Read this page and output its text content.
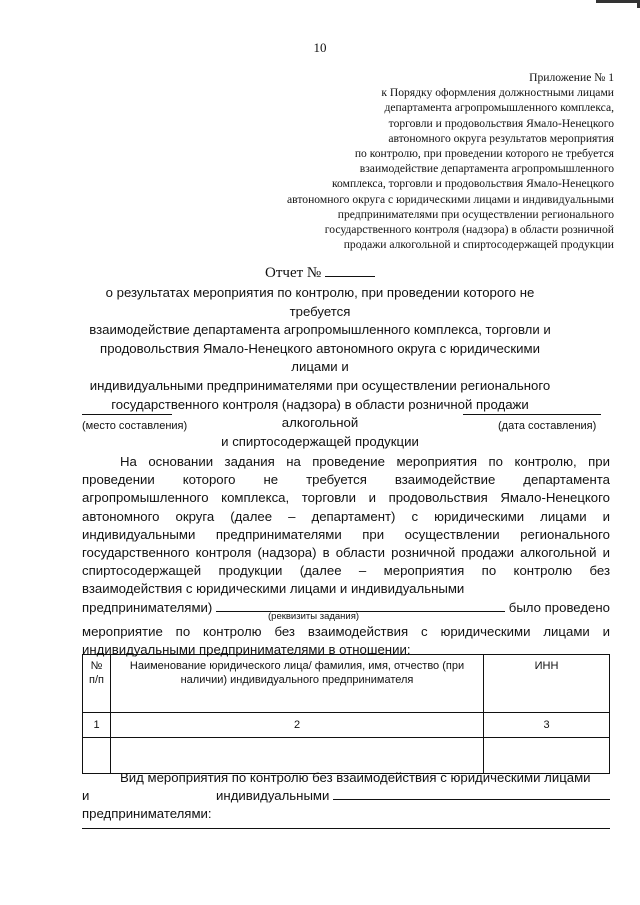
10
Приложение № 1
к Порядку оформления должностными лицами
департамента агропромышленного комплекса,
торговли и продовольствия Ямало-Ненецкого
автономного округа результатов мероприятия
по контролю, при проведении которого не требуется
взаимодействие департамента агропромышленного
комплекса, торговли и продовольствия Ямало-Ненецкого
автономного округа с юридическими лицами и индивидуальными
предпринимателями при осуществлении регионального
государственного контроля (надзора) в области розничной
продажи алкогольной и спиртосодержащей продукции
Отчет №
о результатах мероприятия по контролю, при проведении которого не требуется
взаимодействие департамента агропромышленного комплекса, торговли и
продовольствия Ямало-Ненецкого автономного округа с юридическими лицами и
индивидуальными предпринимателями при осуществлении регионального
государственного контроля (надзора) в области розничной продажи алкогольной
и спиртосодержащей продукции
(место составления)	(дата составления)
На основании задания на проведение мероприятия по контролю, при проведении которого не требуется взаимодействие департамента агропромышленного комплекса, торговли и продовольствия Ямало-Ненецкого автономного округа (далее – департамент) с юридическими лицами и индивидуальными предпринимателями при осуществлении регионального государственного контроля (надзора) в области розничной продажи алкогольной и спиртосодержащей продукции (далее – мероприятия по контролю без взаимодействия с юридическими лицами и индивидуальными
предпринимателями)	было проведено
(реквизиты задания)
мероприятие по контролю без взаимодействия с юридическими лицами и индивидуальными предпринимателями в отношении:
№ п/п	Наименование юридического лица/ фамилия, имя, отчество (при наличии) индивидуального предпринимателя	ИНН
1	2	3

Вид мероприятия по контролю без взаимодействия с юридическими лицами
и индивидуальными предпринимателями:
